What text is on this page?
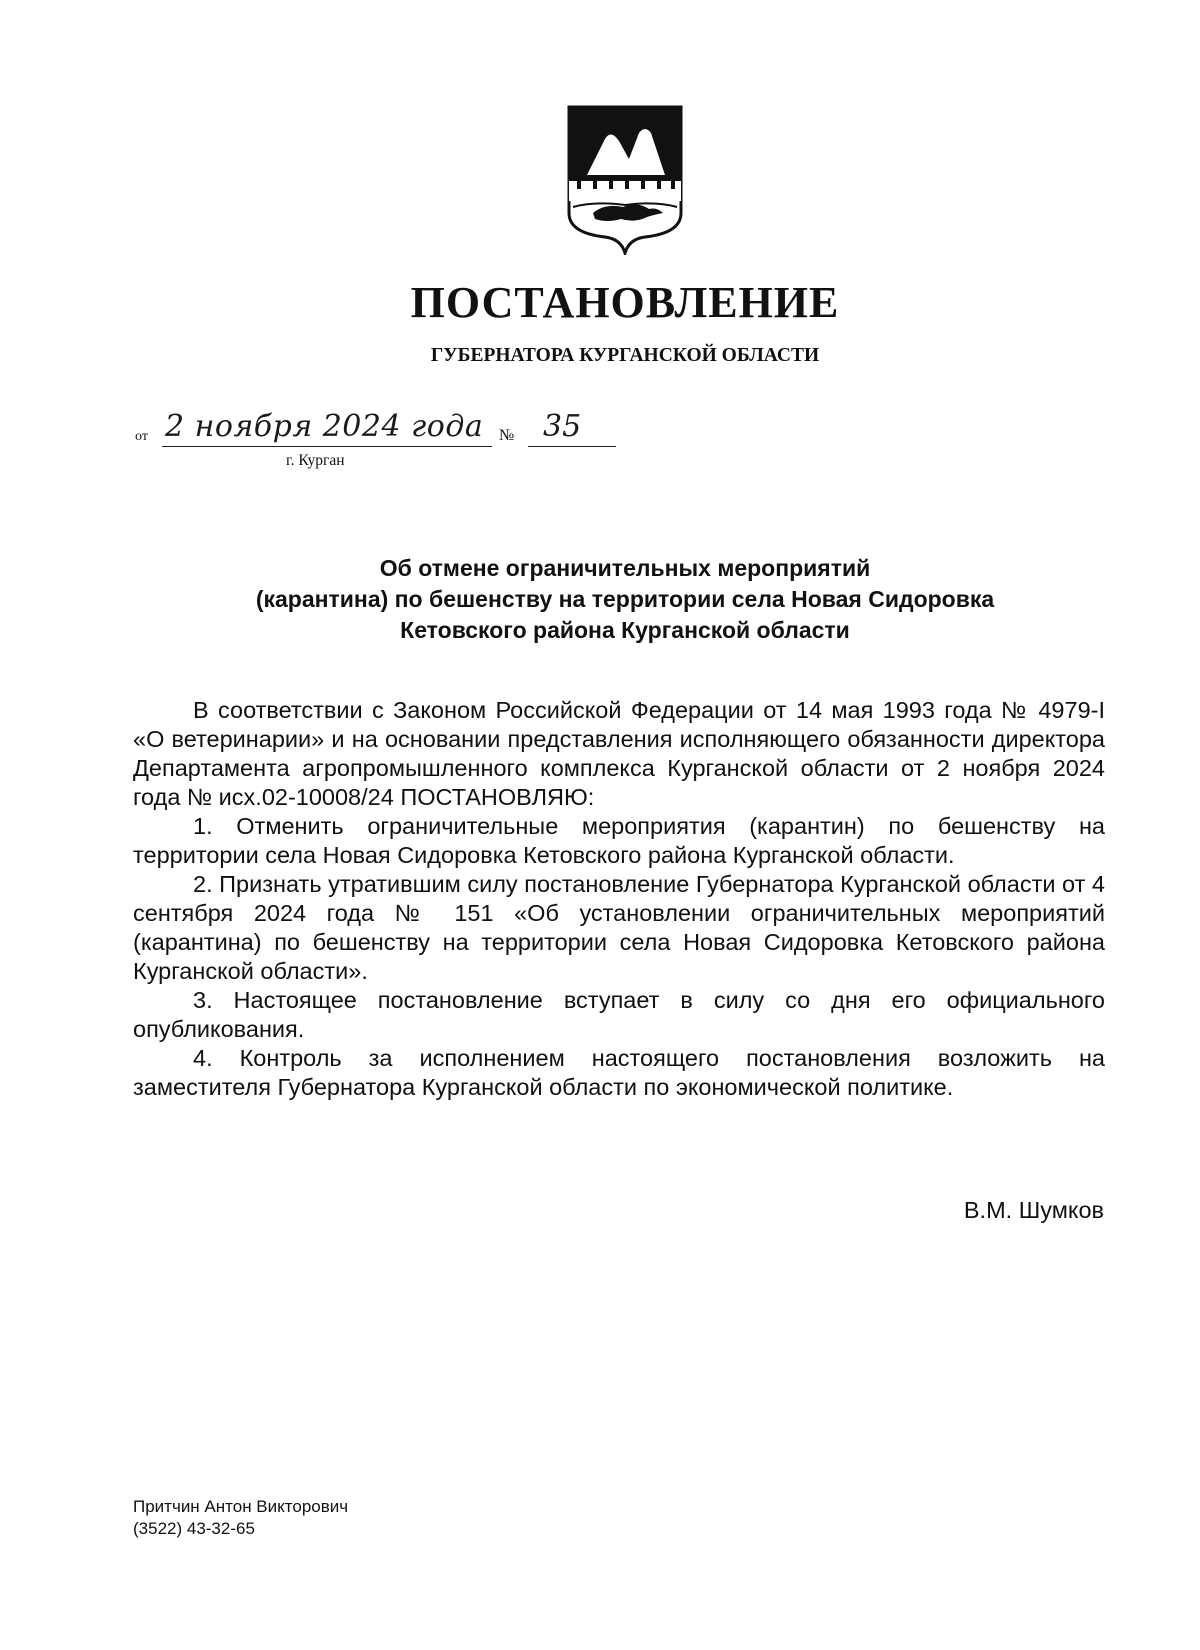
ПОСТАНОВЛЕНИЕ
ГУБЕРНАТОРА КУРГАНСКОЙ ОБЛАСТИ
от 2 ноября 2024 года № 35
г. Курган
Об отмене ограничительных мероприятий
(карантина) по бешенству на территории села Новая Сидоровка
Кетовского района Курганской области

В соответствии с Законом Российской Федерации от 14 мая 1993 года № 4979-I «О ветеринарии» и на основании представления исполняющего обязанности директора Департамента агропромышленного комплекса Курганской области от 2 ноября 2024 года № исх.02-10008/24 ПОСТАНОВЛЯЮ:

1. Отменить ограничительные мероприятия (карантин) по бешенству на территории села Новая Сидоровка Кетовского района Курганской области.

2. Признать утратившим силу постановление Губернатора Курганской области от 4 сентября 2024 года № 151 «Об установлении ограничительных мероприятий (карантина) по бешенству на территории села Новая Сидоровка Кетовского района Курганской области».

3. Настоящее постановление вступает в силу со дня его официального опубликования.

4. Контроль за исполнением настоящего постановления возложить на заместителя Губернатора Курганской области по экономической политике.

В.М. Шумков
Притчин Антон Викторович
(3522) 43-32-65
